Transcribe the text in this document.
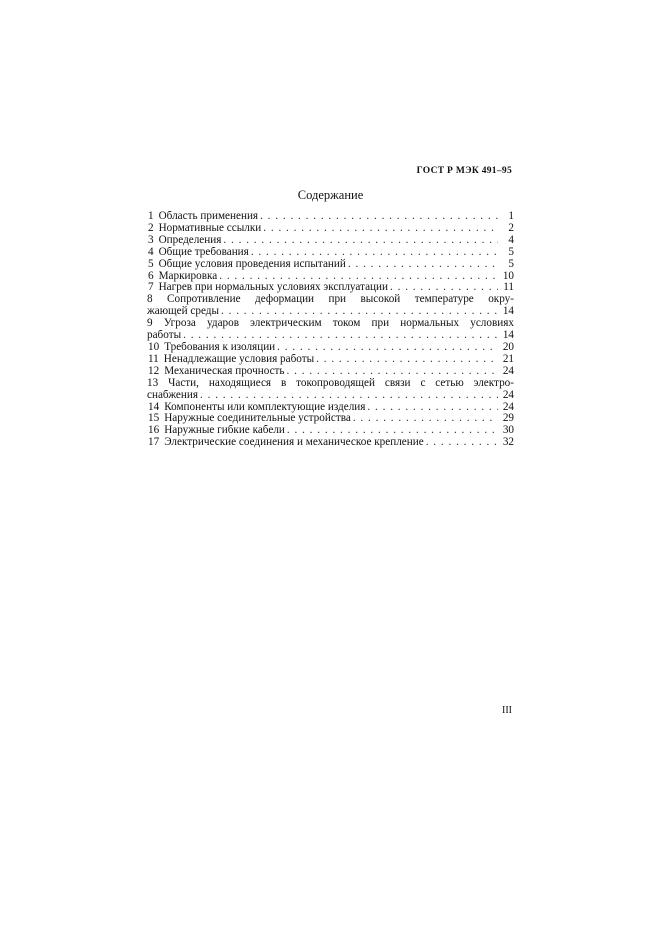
ГОСТ Р МЭК 491–95
Содержание
1 Область применения . . .	1
2 Нормативные ссылки . . .	2
3 Определения . . .	4
4 Общие требования . . .	5
5 Общие условия проведения испытаний . . .	5
6 Маркировка . . .	10
7 Нагрев при нормальных условиях эксплуатации . . .	11
8 Сопротивление деформации при высокой температуре окру-
жающей среды . . .	14
9 Угроза ударов электрическим током при нормальных условиях
работы . . .	14
10 Требования к изоляции . . .	20
11 Ненадлежащие условия работы . . .	21
12 Механическая прочность . . .	24
13 Части, находящиеся в токопроводящей связи с сетью электро-
снабжения . . .	24
14 Компоненты или комплектующие изделия . . .	24
15 Наружные соединительные устройства . . .	29
16 Наружные гибкие кабели . . .	30
17 Электрические соединения и механическое крепление . . .	32
III
